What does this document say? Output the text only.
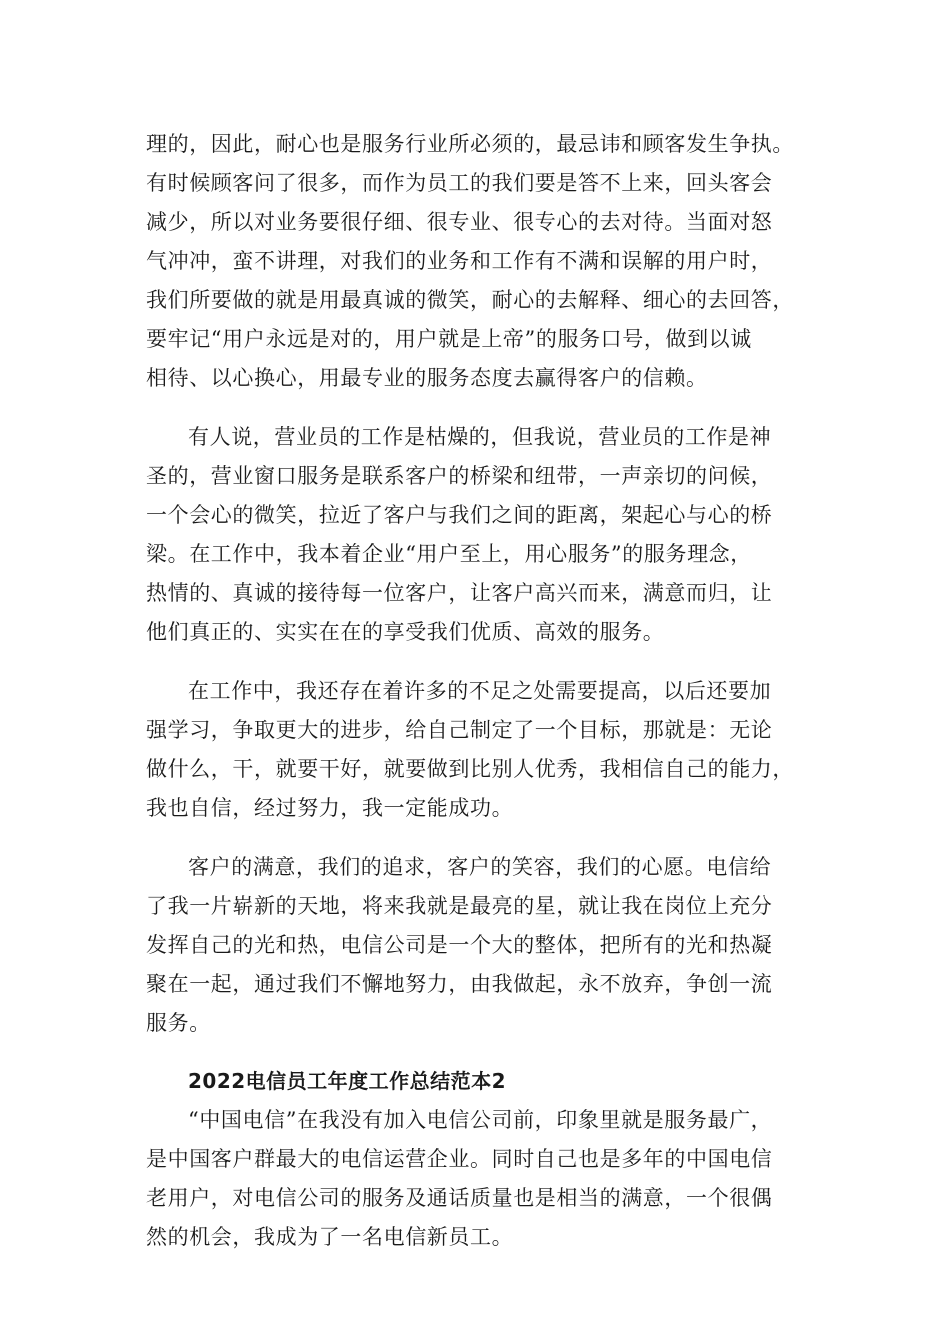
理的，因此，耐心也是服务行业所必须的，最忌讳和顾客发生争执。
有时候顾客问了很多，而作为员工的我们要是答不上来，回头客会
减少，所以对业务要很仔细、很专业、很专心的去对待。当面对怒
气冲冲，蛮不讲理，对我们的业务和工作有不满和误解的用户时，
我们所要做的就是用最真诚的微笑，耐心的去解释、细心的去回答，
要牢记“用户永远是对的，用户就是上帝”的服务口号，做到以诚
相待、以心换心，用最专业的服务态度去赢得客户的信赖。
有人说，营业员的工作是枯燥的，但我说，营业员的工作是神
圣的，营业窗口服务是联系客户的桥梁和纽带，一声亲切的问候，
一个会心的微笑，拉近了客户与我们之间的距离，架起心与心的桥
梁。在工作中，我本着企业“用户至上，用心服务”的服务理念，
热情的、真诚的接待每一位客户，让客户高兴而来，满意而归，让
他们真正的、实实在在的享受我们优质、高效的服务。
在工作中，我还存在着许多的不足之处需要提高，以后还要加
强学习，争取更大的进步，给自己制定了一个目标，那就是：无论
做什么，干，就要干好，就要做到比别人优秀，我相信自己的能力，
我也自信，经过努力，我一定能成功。
客户的满意，我们的追求，客户的笑容，我们的心愿。电信给
了我一片崭新的天地，将来我就是最亮的星，就让我在岗位上充分
发挥自己的光和热，电信公司是一个大的整体，把所有的光和热凝
聚在一起，通过我们不懈地努力，由我做起，永不放弃，争创一流
服务。
2022电信员工年度工作总结范本2
“中国电信”在我没有加入电信公司前，印象里就是服务最广，
是中国客户群最大的电信运营企业。同时自己也是多年的中国电信
老用户，对电信公司的服务及通话质量也是相当的满意，一个很偶
然的机会，我成为了一名电信新员工。
